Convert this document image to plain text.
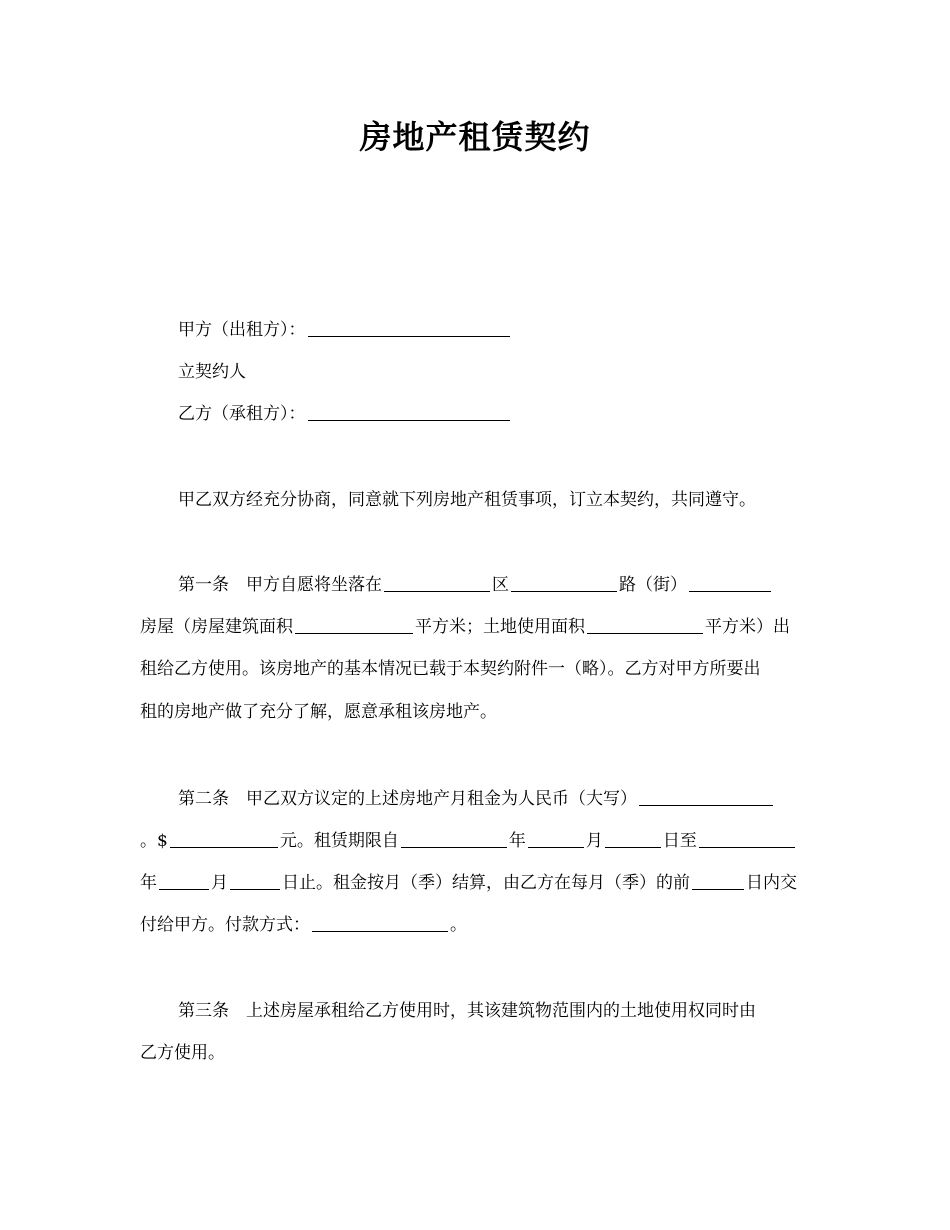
房地产租赁契约
甲方（出租方）：
立契约人
乙方（承租方）：
甲乙双方经充分协商，同意就下列房地产租赁事项，订立本契约，共同遵守。
第一条　甲方自愿将坐落在	区	路（街）
房屋（房屋建筑面积	平方米；土地使用面积	平方米）出
租给乙方使用。该房地产的基本情况已载于本契约附件一（略）。乙方对甲方所要出
租的房地产做了充分了解，愿意承租该房地产。
第二条　甲乙双方议定的上述房地产月租金为人民币（大写）
。$	元。租赁期限自	年	月	日至
年	月	日止。租金按月（季）结算，由乙方在每月（季）的前	日内交
付给甲方。付款方式：	。
第三条　上述房屋承租给乙方使用时，其该建筑物范围内的土地使用权同时由
乙方使用。
